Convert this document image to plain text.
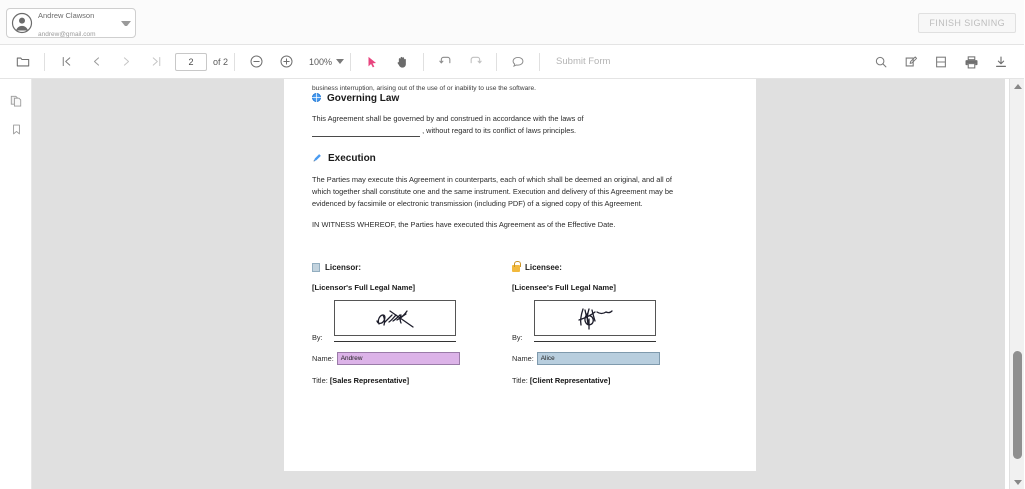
Andrew Clawson andrew@gmail.com
FINISH SIGNING
2	of 2	100%	Submit Form
business interruption, arising out of the use of or inability to use the software.
Governing Law
This Agreement shall be governed by and construed in accordance with the laws of
, without regard to its conflict of laws principles.
Execution
The Parties may execute this Agreement in counterparts, each of which shall be deemed an original, and all of which together shall constitute one and the same instrument. Execution and delivery of this Agreement may be evidenced by facsimile or electronic transmission (including PDF) of a signed copy of this Agreement.
IN WITNESS WHEREOF, the Parties have executed this Agreement as of the Effective Date.
Licensor:
[Licensor's Full Legal Name]
By:
Name:	Andrew
Title: [Sales Representative]
Licensee:
[Licensee's Full Legal Name]
By:
Name:	Alice
Title: [Client Representative]
